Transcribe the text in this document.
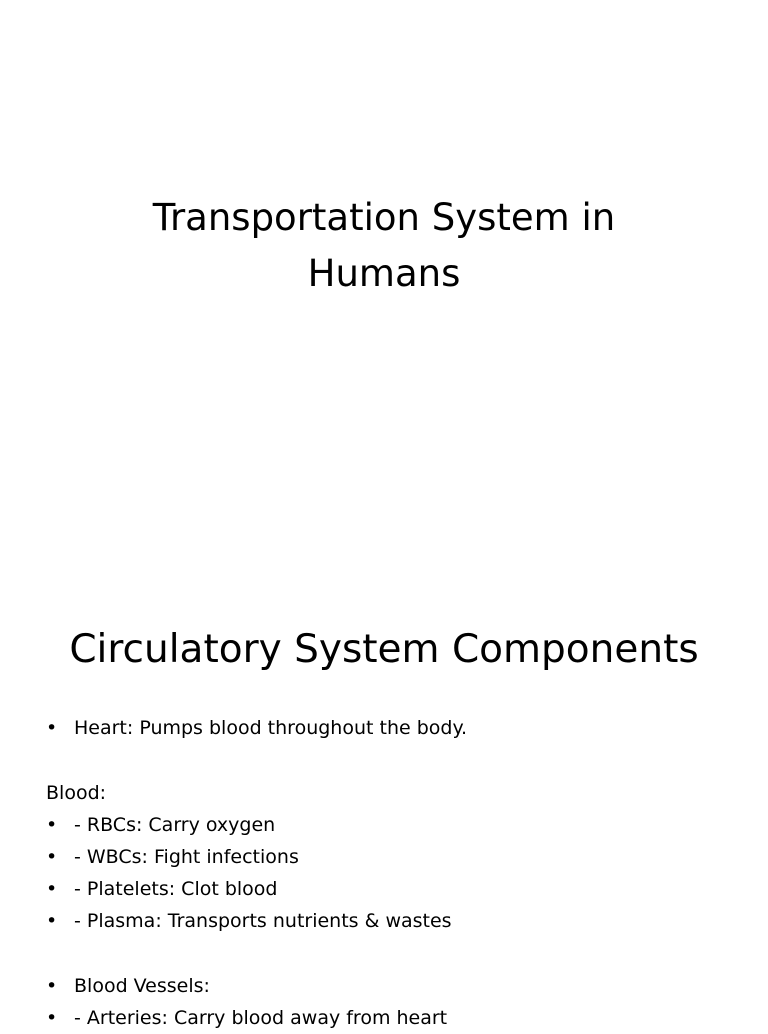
Transportation System in
Humans
Circulatory System Components
• Heart: Pumps blood throughout the body.
Blood:
• - RBCs: Carry oxygen
• - WBCs: Fight infections
• - Platelets: Clot blood
• - Plasma: Transports nutrients & wastes
• Blood Vessels:
• - Arteries: Carry blood away from heart
